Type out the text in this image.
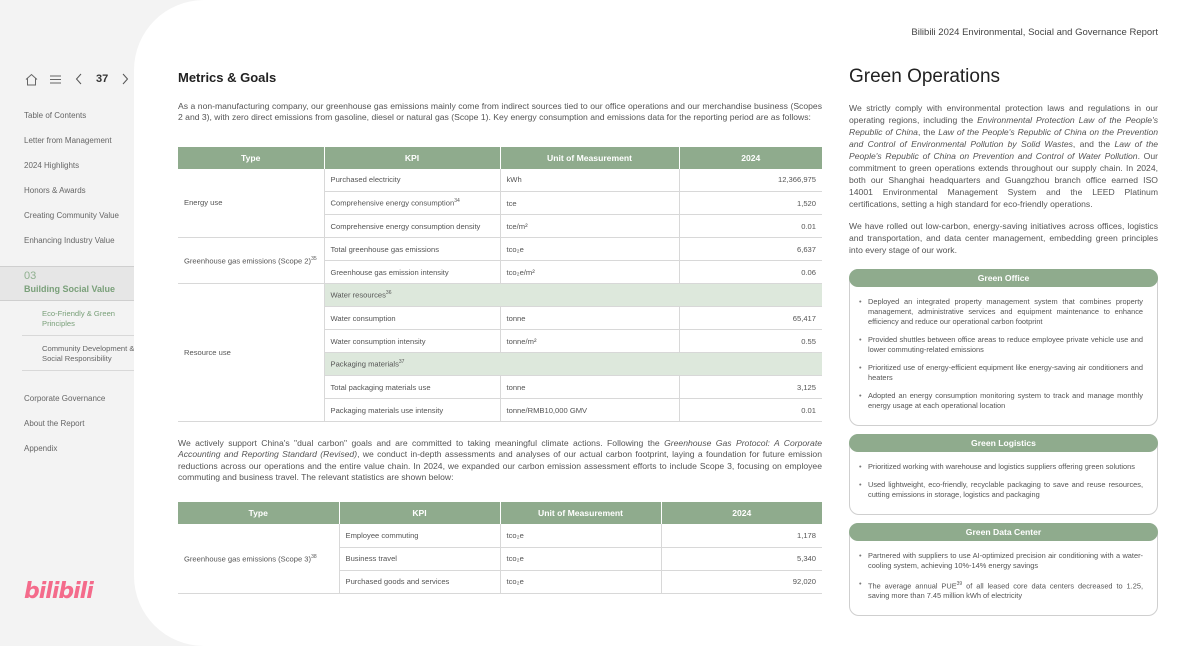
37
Table of Contents
Letter from Management
2024 Highlights
Honors & Awards
Creating Community Value
Enhancing Industry Value
03
Building Social Value
Eco-Friendly & Green Principles
Community Development & Social Responsibility
Corporate Governance
About the Report
Appendix
bilibili
Bilibili 2024 Environmental, Social and Governance Report
Metrics & Goals

As a non-manufacturing company, our greenhouse gas emissions mainly come from indirect sources tied to our office operations and our merchandise business (Scopes 2 and 3), with zero direct emissions from gasoline, diesel or natural gas (Scope 1). Key energy consumption and emissions data for the reporting period are as follows:

Type	KPI	Unit of Measurement	2024
Energy use	Purchased electricity	kWh	12,366,975
	Comprehensive energy consumption$^{34}$	tce	1,520
	Comprehensive energy consumption density	tce/m²	0.01
Greenhouse gas emissions (Scope 2)$^{35}$	Total greenhouse gas emissions	tco₂e	6,637
	Greenhouse gas emission intensity	tco₂e/m²	0.06
Resource use	Water resources$^{36}$
	Water consumption	tonne	65,417
	Water consumption intensity	tonne/m²	0.55
	Packaging materials$^{37}$
	Total packaging materials use	tonne	3,125
	Packaging materials use intensity	tonne/RMB10,000 GMV	0.01

We actively support China's "dual carbon" goals and are committed to taking meaningful climate actions. Following the Greenhouse Gas Protocol: A Corporate Accounting and Reporting Standard (Revised), we conduct in-depth assessments and analyses of our actual carbon footprint, laying a foundation for future emission reductions across our operations and the entire value chain. In 2024, we expanded our carbon emission assessment efforts to include Scope 3, focusing on employee commuting and business travel. The relevant statistics are shown below:

Type	KPI	Unit of Measurement	2024
Greenhouse gas emissions (Scope 3)$^{38}$	Employee commuting	tco₂e	1,178
	Business travel	tco₂e	5,340
	Purchased goods and services	tco₂e	92,020
Green Operations

We strictly comply with environmental protection laws and regulations in our operating regions, including the Environmental Protection Law of the People's Republic of China, the Law of the People's Republic of China on the Prevention and Control of Environmental Pollution by Solid Wastes, and the Law of the People's Republic of China on Prevention and Control of Water Pollution. Our commitment to green operations extends throughout our supply chain. In 2024, both our Shanghai headquarters and Guangzhou branch office earned ISO 14001 Environmental Management System and the LEED Platinum certifications, setting a high standard for eco-friendly operations.

We have rolled out low-carbon, energy-saving initiatives across offices, logistics and transportation, and data center management, embedding green principles into every stage of our work.

Green Office
• Deployed an integrated property management system that combines property management, administrative services and equipment maintenance to enhance efficiency and reduce our operational carbon footprint
• Provided shuttles between office areas to reduce employee private vehicle use and lower commuting-related emissions
• Prioritized use of energy-efficient equipment like energy-saving air conditioners and heaters
• Adopted an energy consumption monitoring system to track and manage monthly energy usage at each operational location
Green Logistics
• Prioritized working with warehouse and logistics suppliers offering green solutions
• Used lightweight, eco-friendly, recyclable packaging to save and reuse resources, cutting emissions in storage, logistics and packaging
Green Data Center
• Partnered with suppliers to use AI-optimized precision air conditioning with a water-cooling system, achieving 10%-14% energy savings
• The average annual PUE$^{39}$ of all leased core data centers decreased to 1.25, saving more than 7.45 million kWh of electricity
